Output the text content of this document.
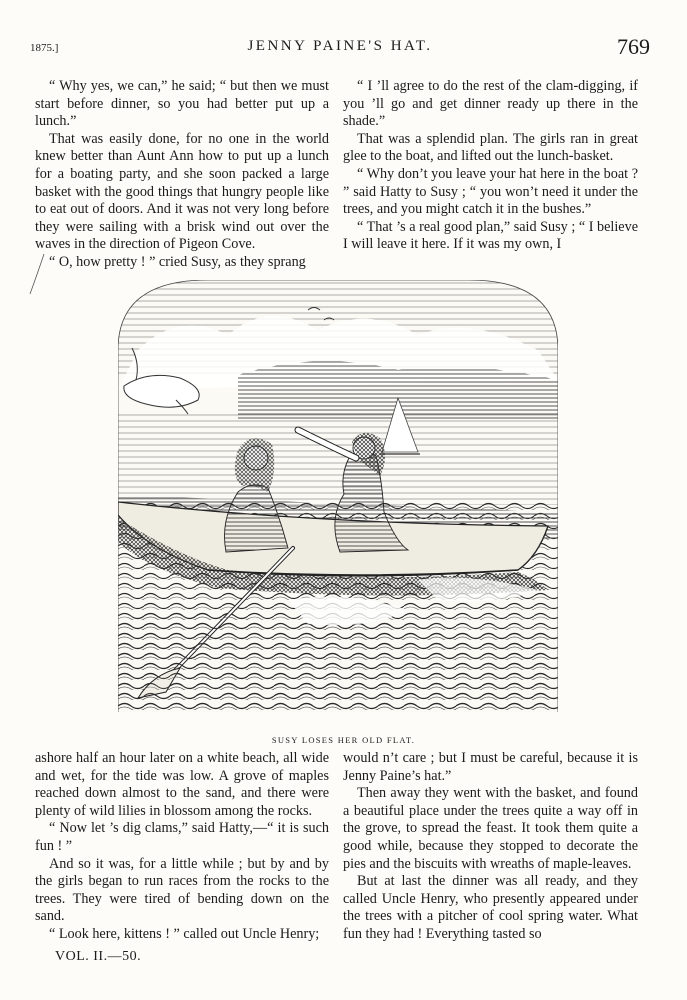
1875.]	JENNY PAINE'S HAT.	769

“ Why yes, we can,” he said; “ but then we must start before dinner, so you had better put up a lunch.”

That was easily done, for no one in the world knew better than Aunt Ann how to put up a lunch for a boating party, and she soon packed a large basket with the good things that hungry people like to eat out of doors. And it was not very long before they were sailing with a brisk wind out over the waves in the direction of Pigeon Cove.

“ O, how pretty ! ” cried Susy, as they sprang

“ I ’ll agree to do the rest of the clam-digging, if you ’ll go and get dinner ready up there in the shade.”

That was a splendid plan. The girls ran in great glee to the boat, and lifted out the lunch-basket.

“ Why don’t you leave your hat here in the boat ? ” said Hatty to Susy ; “ you won’t need it under the trees, and you might catch it in the bushes.”

“ That ’s a real good plan,” said Susy ; “ I believe I will leave it here. If it was my own, I

SUSY LOSES HER OLD FLAT.

ashore half an hour later on a white beach, all wide and wet, for the tide was low. A grove of maples reached down almost to the sand, and there were plenty of wild lilies in blossom among the rocks.

“ Now let ’s dig clams,” said Hatty,—“ it is such fun ! ”

And so it was, for a little while ; but by and by the girls began to run races from the rocks to the trees. They were tired of bending down on the sand.

“ Look here, kittens ! ” called out Uncle Henry;

VOL. II.—50.

would n’t care ; but I must be careful, because it is Jenny Paine’s hat.”

Then away they went with the basket, and found a beautiful place under the trees quite a way off in the grove, to spread the feast. It took them quite a good while, because they stopped to decorate the pies and the biscuits with wreaths of maple-leaves.

But at last the dinner was all ready, and they called Uncle Henry, who presently appeared under the trees with a pitcher of cool spring water. What fun they had ! Everything tasted so
